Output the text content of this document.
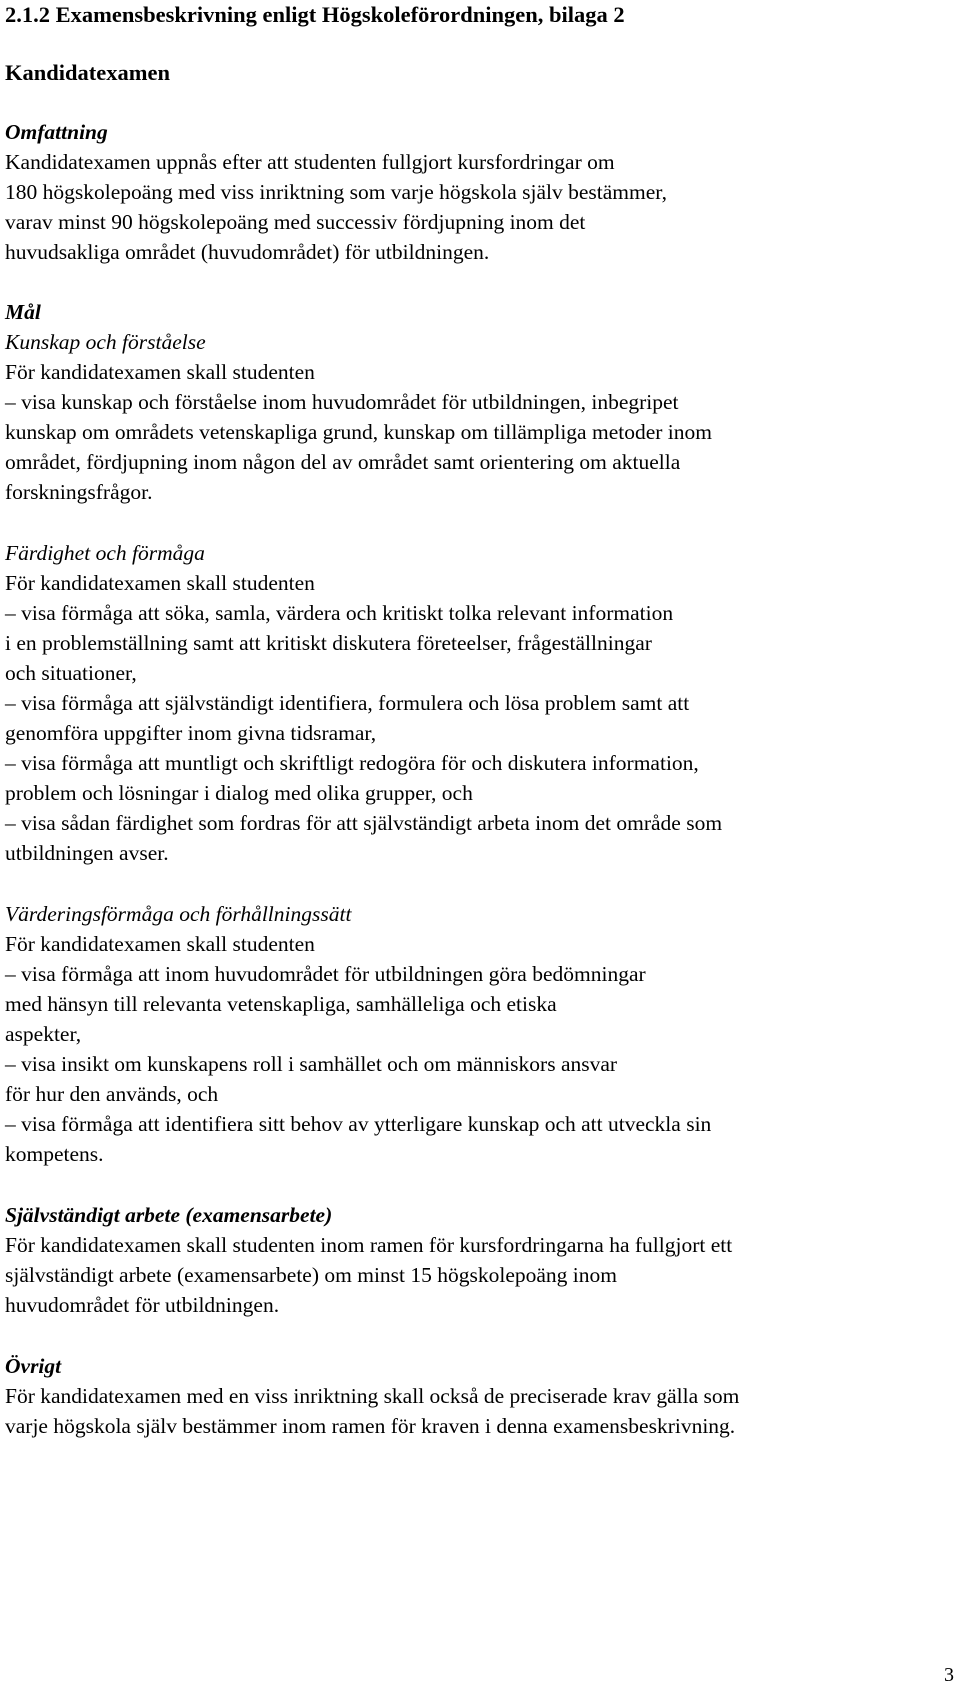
2.1.2 Examensbeskrivning enligt Högskoleförordningen, bilaga 2

Kandidatexamen

Omfattning

Kandidatexamen uppnås efter att studenten fullgjort kursfordringar om

180 högskolepoäng med viss inriktning som varje högskola själv bestämmer,

varav minst 90 högskolepoäng med successiv fördjupning inom det

huvudsakliga området (huvudområdet) för utbildningen.

Mål

Kunskap och förståelse

För kandidatexamen skall studenten

– visa kunskap och förståelse inom huvudområdet för utbildningen, inbegripet

kunskap om områdets vetenskapliga grund, kunskap om tillämpliga metoder inom

området, fördjupning inom någon del av området samt orientering om aktuella

forskningsfrågor.

Färdighet och förmåga

För kandidatexamen skall studenten

– visa förmåga att söka, samla, värdera och kritiskt tolka relevant information

i en problemställning samt att kritiskt diskutera företeelser, frågeställningar

och situationer,

– visa förmåga att självständigt identifiera, formulera och lösa problem samt att

genomföra uppgifter inom givna tidsramar,

– visa förmåga att muntligt och skriftligt redogöra för och diskutera information,

problem och lösningar i dialog med olika grupper, och

– visa sådan färdighet som fordras för att självständigt arbeta inom det område som

utbildningen avser.

Värderingsförmåga och förhållningssätt

För kandidatexamen skall studenten

– visa förmåga att inom huvudområdet för utbildningen göra bedömningar

med hänsyn till relevanta vetenskapliga, samhälleliga och etiska

aspekter,

– visa insikt om kunskapens roll i samhället och om människors ansvar

för hur den används, och

– visa förmåga att identifiera sitt behov av ytterligare kunskap och att utveckla sin

kompetens.

Självständigt arbete (examensarbete)

För kandidatexamen skall studenten inom ramen för kursfordringarna ha fullgjort ett

självständigt arbete (examensarbete) om minst 15 högskolepoäng inom

huvudområdet för utbildningen.

Övrigt

För kandidatexamen med en viss inriktning skall också de preciserade krav gälla som

varje högskola själv bestämmer inom ramen för kraven i denna examensbeskrivning.

3
